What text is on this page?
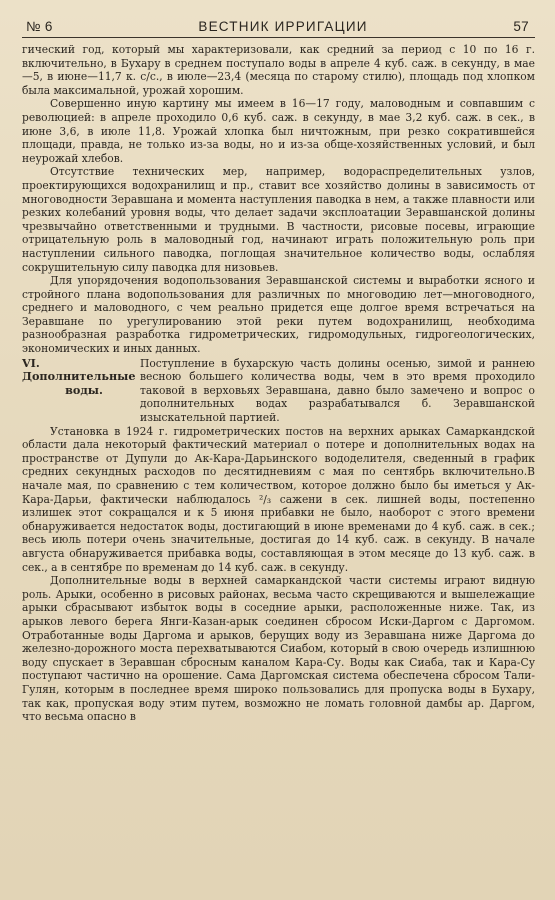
№ 6	ВЕСТНИК ИРРИГАЦИИ	57

гический год, который мы характеризовали, как средний за период с 10 по 16 г. включительно, в Бухару в среднем поступало воды в апреле 4 куб. саж. в секунду, в мае—5, в июне—11,7 к. с/с., в июле—23,4 (месяца по старому стилю), площадь под хлопком была максимальной, урожай хорошим.

Совершенно иную картину мы имеем в 16—17 году, маловодным и совпавшим с революцией: в апреле проходило 0,6 куб. саж. в секунду, в мае 3,2 куб. саж. в сек., в июне 3,6, в июле 11,8. Урожай хлопка был ничтожным, при резко сократившейся площади, правда, не только из-за воды, но и из-за обще-хозяйственных условий, и был неурожай хлебов.

Отсутствие технических мер, например, водораспределительных узлов, проектирующихся водохранилищ и пр., ставит все хозяйство долины в зависимость от многоводности Зеравшана и момента наступления паводка в нем, а также плавности или резких колебаний уровня воды, что делает задачи эксплоатации Зеравшанской долины чрезвычайно ответственными и трудными. В частности, рисовые посевы, играющие отрицательную роль в маловодный год, начинают играть положительную роль при наступлении сильного паводка, поглощая значительное количество воды, ослабляя сокрушительную силу паводка для низовьев.

Для упорядочения водопользования Зеравшанской системы и выработки ясного и стройного плана водопользования для различных по многоводию лет—многоводного, среднего и маловодного, с чем реально придется еще долгое время встречаться на Зеравшане по урегулированию этой реки путем водохранилищ, необходима разнообразная разработка гидрометрических, гидромодульных, гидрогеологических, экономических и иных данных.

VI. Дополнительные
воды.
Поступление в бухарскую часть долины осенью, зимой и раннею весною большего количества воды, чем в это время проходило таковой в верховьях Зеравшана, давно было замечено и вопрос о дополнительных водах разрабатывался б. Зеравшанской изыскательной партией.

Установка в 1924 г. гидрометрических постов на верхних арыках Самаркандской области дала некоторый фактический материал о потере и дополнительных водах на пространстве от Дупули до Ак-Кара-Дарьинского вододелителя, сведенный в график средних секундных расходов по десятидневиям с мая по сентябрь включительно.В начале мая, по сравнению с тем количеством, которое должно было бы иметься у Ак-Кара-Дарьи, фактически наблюдалось ²/₃ сажени в сек. лишней воды, постепенно излишек этот сокращался и к 5 июня прибавки не было, наоборот с этого времени обнаруживается недостаток воды, достигающий в июне временами до 4 куб. саж. в сек.; весь июль потери очень значительные, достигая до 14 куб. саж. в секунду. В начале августа обнаруживается прибавка воды, составляющая в этом месяце до 13 куб. саж. в сек., а в сентябре по временам до 14 куб. саж. в секунду.

Дополнительные воды в верхней самаркандской части системы играют видную роль. Арыки, особенно в рисовых районах, весьма часто скрещиваются и вышележащие арыки сбрасывают избыток воды в соседние арыки, расположенные ниже. Так, из арыков левого берега Янги-Казан-арык соединен сбросом Иски-Даргом с Даргомом. Отработанные воды Даргома и арыков, берущих воду из Зеравшана ниже Даргома до железно-дорожного моста перехватываются Сиабом, который в свою очередь излишнюю воду спускает в Зеравшан сбросным каналом Кара-Су. Воды как Сиаба, так и Кара-Су поступают частично на орошение. Сама Даргомская система обеспечена сбросом Тали-Гулян, которым в последнее время широко пользовались для пропуска воды в Бухару, так как, пропуская воду этим путем, возможно не ломать головной дамбы ар. Даргом, что весьма опасно в
